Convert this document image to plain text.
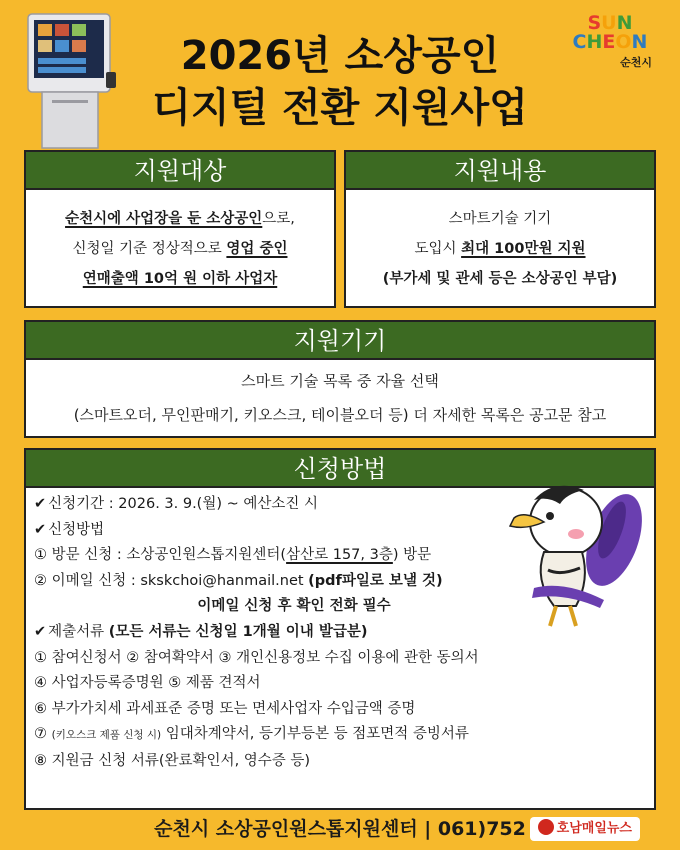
SUN
CHEON
순천시
2026년 소상공인
디지털 전환 지원사업
지원대상

순천시에 사업장을 둔 소상공인으로,

신청일 기준 정상적으로 영업 중인

연매출액 10억 원 이하 사업자

지원내용

스마트기술 기기

도입시 최대 100만원 지원

(부가세 및 관세 등은 소상공인 부담)

지원기기

스마트 기술 목록 중 자율 선택

(스마트오더, 무인판매기, 키오스크, 테이블오더 등) 더 자세한 목록은 공고문 참고

신청방법

✔ 신청기간 : 2026. 3. 9.(월) ~ 예산소진 시

✔ 신청방법

① 방문 신청 : 소상공인원스톱지원센터(삼산로 157, 3층) 방문

② 이메일 신청 : skskchoi@hanmail.net (pdf파일로 보낼 것)

이메일 신청 후 확인 전화 필수

✔ 제출서류 (모든 서류는 신청일 1개월 이내 발급분)

① 참여신청서 ② 참여확약서 ③ 개인신용정보 수집 이용에 관한 동의서

④ 사업자등록증명원 ⑤ 제품 견적서

⑥ 부가가치세 과세표준 증명 또는 면세사업자 수입금액 증명

⑦ (키오스크 제품 신청 시) 임대차계약서, 등기부등본 등 점포면적 증빙서류

⑧ 지원금 신청 서류(완료확인서, 영수증 등)

순천시 소상공인원스톱지원센터 | 061)752	호남매일뉴스
